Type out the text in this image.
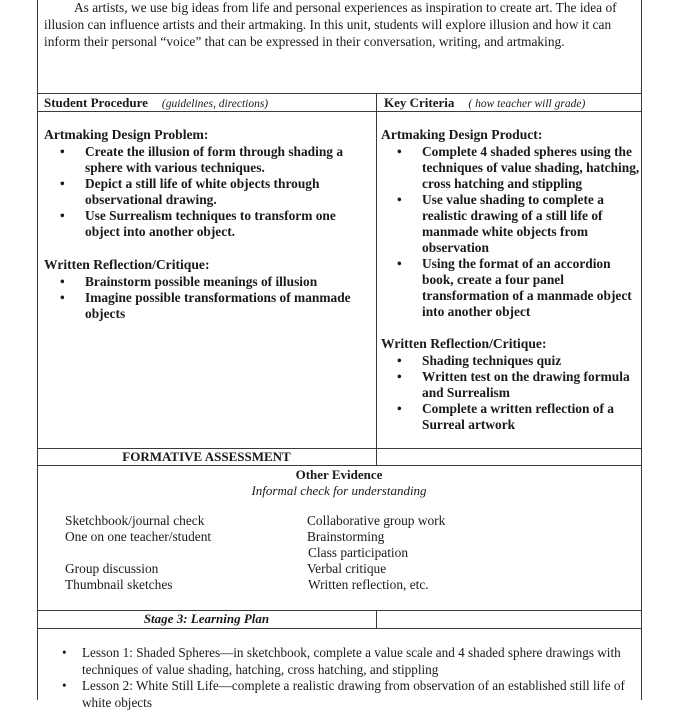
As artists, we use big ideas from life and personal experiences as inspiration to create art. The idea of illusion can influence artists and their artmaking. In this unit, students will explore illusion and how it can inform their personal “voice” that can be expressed in their conversation, writing, and artmaking.
Student Procedure (guidelines, directions)	Key Criteria ( how teacher will grade)
Artmaking Design Problem:
• Create the illusion of form through shading a sphere with various techniques.
• Depict a still life of white objects through observational drawing.
• Use Surrealism techniques to transform one object into another object.
Written Reflection/Critique:
• Brainstorm possible meanings of illusion
• Imagine possible transformations of manmade objects
Artmaking Design Product:
• Complete 4 shaded spheres using the techniques of value shading, hatching, cross hatching and stippling
• Use value shading to complete a realistic drawing of a still life of manmade white objects from observation
• Using the format of an accordion book, create a four panel transformation of a manmade object into another object
Written Reflection/Critique:
• Shading techniques quiz
• Written test on the drawing formula and Surrealism
• Complete a written reflection of a Surreal artwork
FORMATIVE ASSESSMENT
Other Evidence
Informal check for understanding
Sketchbook/journal check
One on one teacher/student
Group discussion
Thumbnail sketches
Collaborative group work
Brainstorming
Class participation
Verbal critique
Written reflection, etc.
Stage 3: Learning Plan
• Lesson 1: Shaded Spheres—in sketchbook, complete a value scale and 4 shaded sphere drawings with techniques of value shading, hatching, cross hatching, and stippling
• Lesson 2: White Still Life—complete a realistic drawing from observation of an established still life of white objects
